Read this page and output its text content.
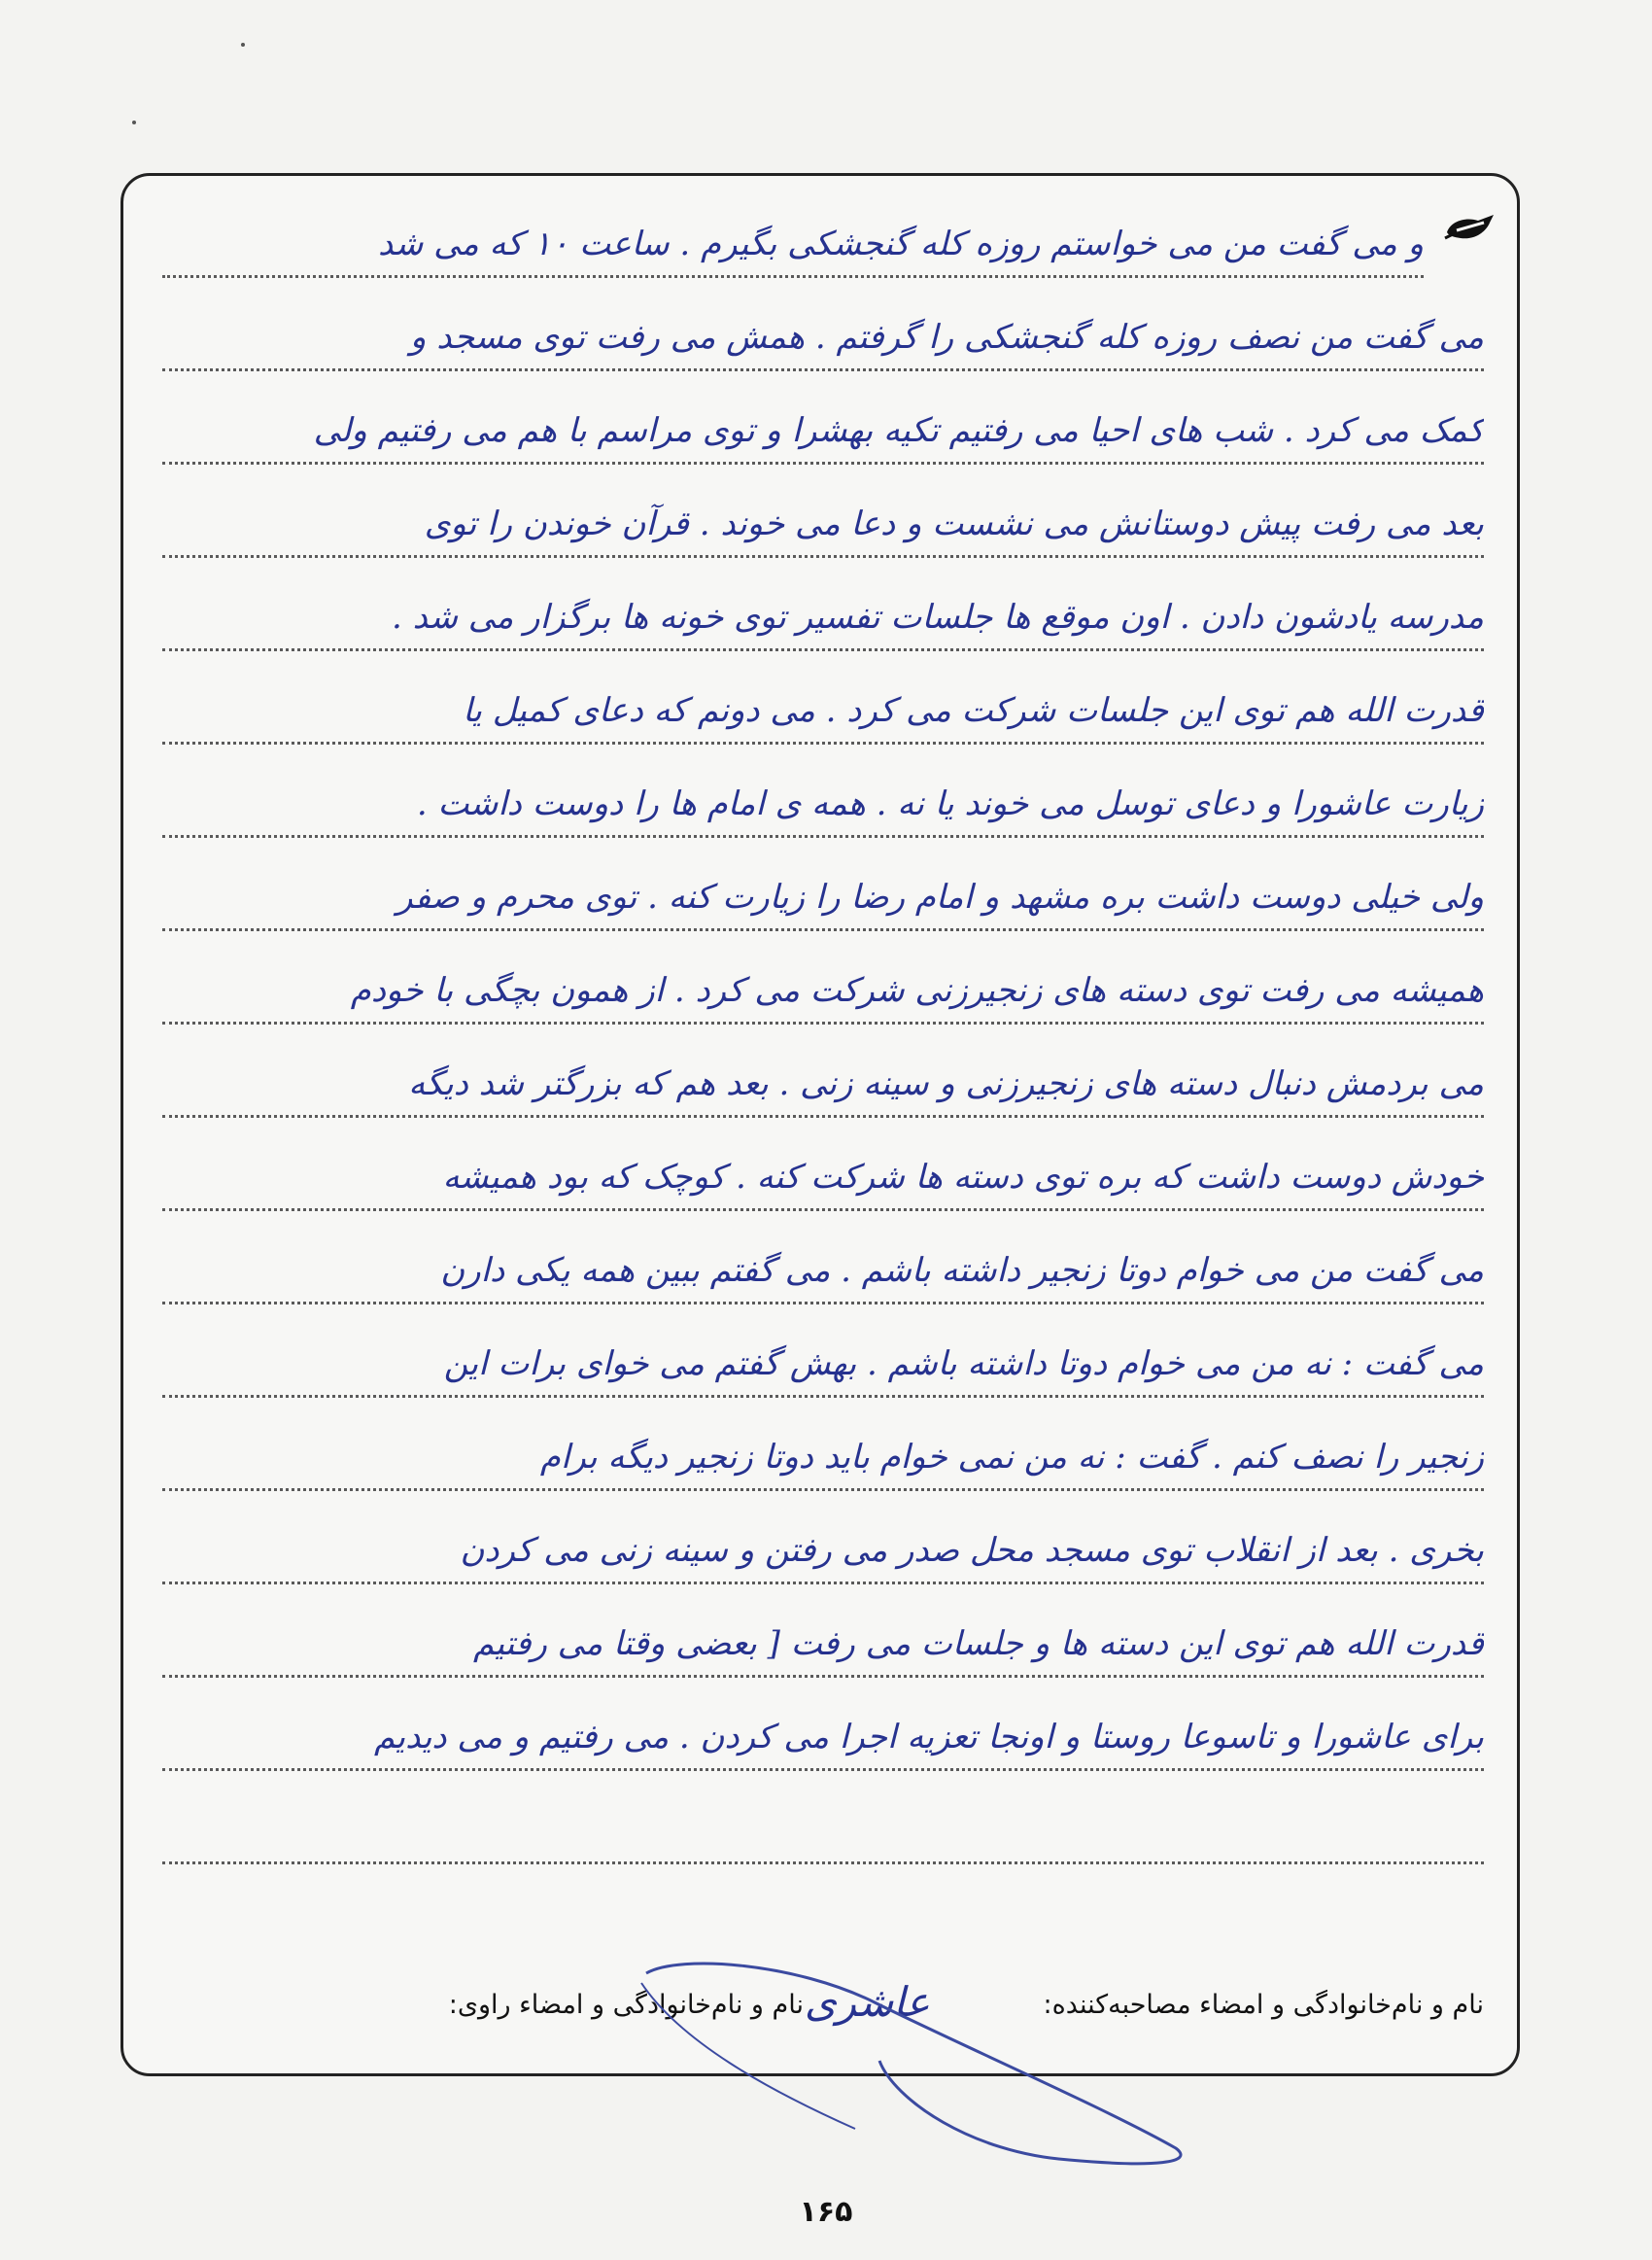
و می گفت من می خواستم روزه کله گنجشکی بگیرم . ساعت ۱۰ که می شد
می گفت من نصف روزه کله گنجشکی را گرفتم . همش می رفت توی مسجد و
کمک می کرد . شب های احیا می رفتیم تکیه بهشرا و توی مراسم با هم می رفتیم ولی
بعد می رفت پیش دوستانش می نشست و دعا می خوند . قرآن خوندن را توی
مدرسه یادشون دادن . اون موقع ها جلسات تفسیر توی خونه ها برگزار می شد .
قدرت الله هم توی این جلسات شرکت می کرد . می دونم که دعای کمیل یا
زیارت عاشورا و دعای توسل می خوند یا نه . همه ی امام ها را دوست داشت .
ولی خیلی دوست داشت بره مشهد و امام رضا را زیارت کنه . توی محرم و صفر
همیشه می رفت توی دسته های زنجیرزنی شرکت می کرد . از همون بچگی با خودم
می بردمش دنبال دسته های زنجیرزنی و سینه زنی . بعد هم که بزرگتر شد دیگه
خودش دوست داشت که بره توی دسته ها شرکت کنه . کوچک که بود همیشه
می گفت من می خوام دوتا زنجیر داشته باشم . می گفتم ببین همه یکی دارن
می گفت : نه من می خوام دوتا داشته باشم . بهش گفتم می خوای برات این
زنجیر را نصف کنم . گفت : نه من نمی خوام باید دوتا زنجیر دیگه برام
بخری . بعد از انقلاب توی مسجد محل صدر می رفتن و سینه زنی می کردن
قدرت الله هم توی این دسته ها و جلسات می رفت [ بعضی وقتا می رفتیم
برای عاشورا و تاسوعا روستا و اونجا تعزیه اجرا می کردن . می رفتیم و می دیدیم
نام و نام‌خانوادگی و امضاء مصاحبه‌کننده:
عاشری
نام و نام‌خانوادگی و امضاء راوی:
۱۶۵
